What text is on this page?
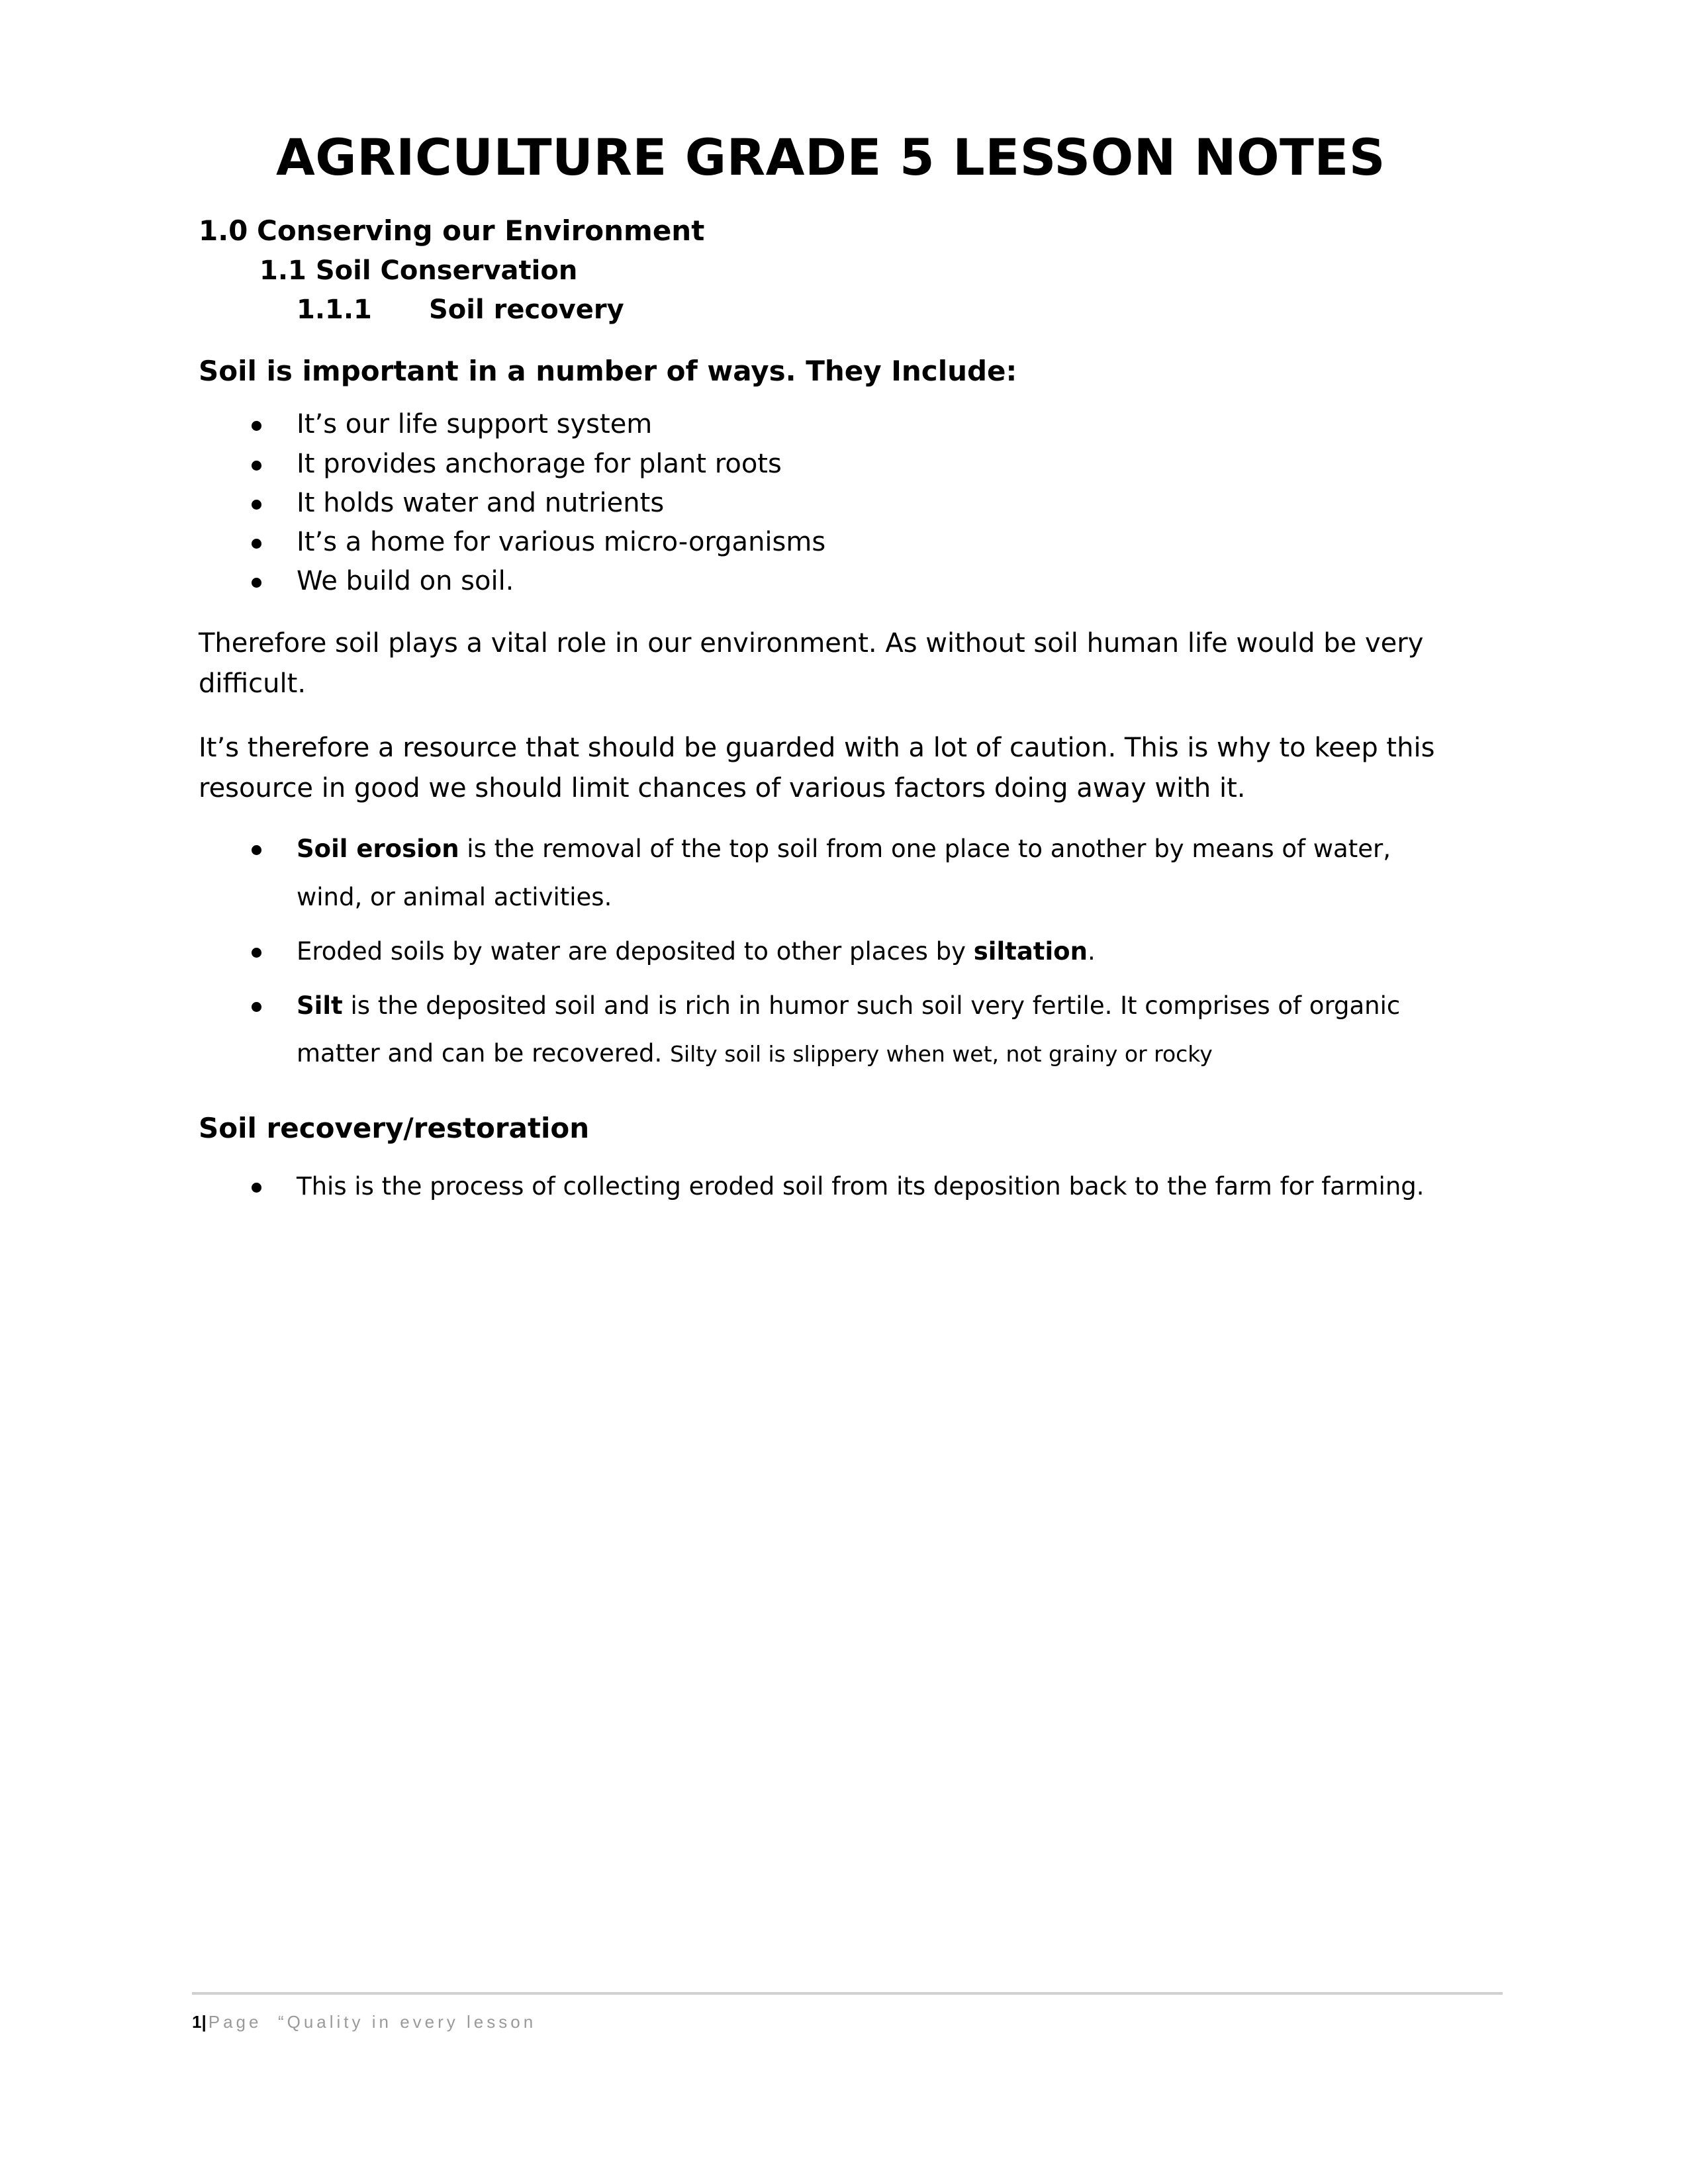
AGRICULTURE GRADE 5 LESSON NOTES
1.0 Conserving our Environment
1.1 Soil Conservation
1.1.1	Soil recovery

Soil is important in a number of ways. They Include:

It’s our life support system
It provides anchorage for plant roots
It holds water and nutrients
It’s a home for various micro-organisms
We build on soil.

Therefore soil plays a vital role in our environment. As without soil human life would be very difficult.

It’s therefore a resource that should be guarded with a lot of caution. This is why to keep this resource in good we should limit chances of various factors doing away with it.

Soil erosion is the removal of the top soil from one place to another by means of water, wind, or animal activities.
Eroded soils by water are deposited to other places by siltation.
Silt is the deposited soil and is rich in humor such soil very fertile. It comprises of organic matter and can be recovered. Silty soil is slippery when wet, not grainy or rocky

Soil recovery/restoration

This is the process of collecting eroded soil from its deposition back to the farm for farming.
1|Page “Quality in every lesson
